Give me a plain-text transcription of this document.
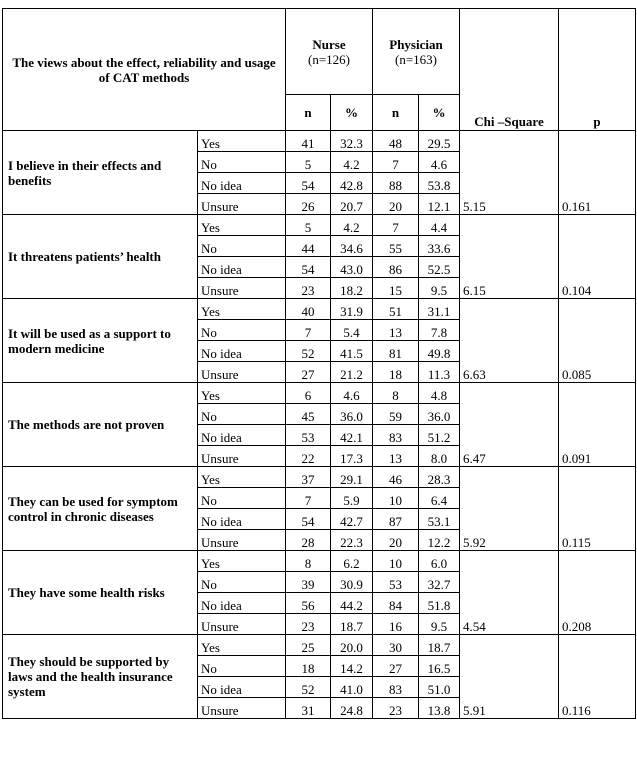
The views about the effect, reliability and usage of CAT methods		Nurse
(n=126)		Physician
(n=163)		Chi –Square	p
		n	%	n	%		
I believe in their effects and benefits	Yes	41	32.3	48	29.5	5.15	0.161
	No	5	4.2	7	4.6		
	No idea	54	42.8	88	53.8		
	Unsure	26	20.7	20	12.1		
It threatens patients’ health	Yes	5	4.2	7	4.4	6.15	0.104
	No	44	34.6	55	33.6		
	No idea	54	43.0	86	52.5		
	Unsure	23	18.2	15	9.5		
It will be used as a support to modern medicine	Yes	40	31.9	51	31.1	6.63	0.085
	No	7	5.4	13	7.8		
	No idea	52	41.5	81	49.8		
	Unsure	27	21.2	18	11.3		
The methods are not proven	Yes	6	4.6	8	4.8	6.47	0.091
	No	45	36.0	59	36.0		
	No idea	53	42.1	83	51.2		
	Unsure	22	17.3	13	8.0		
They can be used for symptom control in chronic diseases	Yes	37	29.1	46	28.3	5.92	0.115
	No	7	5.9	10	6.4		
	No idea	54	42.7	87	53.1		
	Unsure	28	22.3	20	12.2		
They have some health risks	Yes	8	6.2	10	6.0	4.54	0.208
	No	39	30.9	53	32.7		
	No idea	56	44.2	84	51.8		
	Unsure	23	18.7	16	9.5		
They should be supported by laws and the health insurance system	Yes	25	20.0	30	18.7	5.91	0.116
	No	18	14.2	27	16.5		
	No idea	52	41.0	83	51.0		
	Unsure	31	24.8	23	13.8		
